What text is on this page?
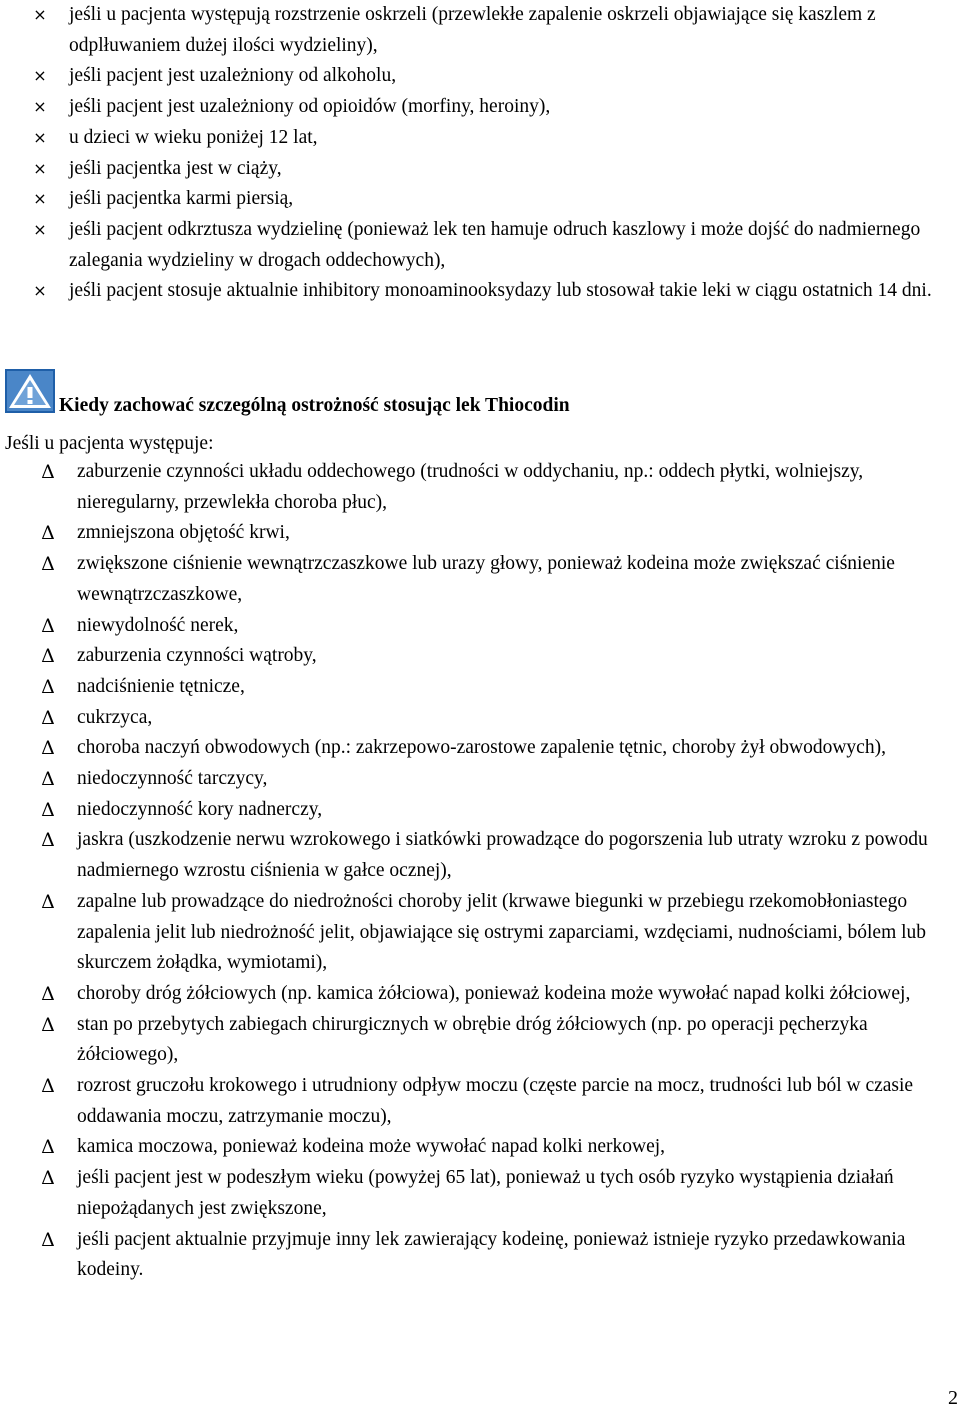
× jeśli u pacjenta występują rozstrzenie oskrzeli (przewlekłe zapalenie oskrzeli objawiające się kaszlem z odplłuwaniem dużej ilości wydzieliny),
× jeśli pacjent jest uzależniony od alkoholu,
× jeśli pacjent jest uzależniony od opioidów (morfiny, heroiny),
× u dzieci w wieku poniżej 12 lat,
× jeśli pacjentka jest w ciąży,
× jeśli pacjentka karmi piersią,
× jeśli pacjent odkrztusza wydzielinę (ponieważ lek ten hamuje odruch kaszlowy i może dojść do nadmiernego zalegania wydzieliny w drogach oddechowych),
× jeśli pacjent stosuje aktualnie inhibitory monoaminooksydazy lub stosował takie leki w ciągu ostatnich 14 dni.
Kiedy zachować szczególną ostrożność stosując lek Thiocodin
Jeśli u pacjenta występuje:
Δ zaburzenie czynności układu oddechowego (trudności w oddychaniu, np.: oddech płytki, wolniejszy, nieregularny, przewlekła choroba płuc),
Δ zmniejszona objętość krwi,
Δ zwiększone ciśnienie wewnątrzczaszkowe lub urazy głowy, ponieważ kodeina może zwiększać ciśnienie wewnątrzczaszkowe,
Δ niewydolność nerek,
Δ zaburzenia czynności wątroby,
Δ nadciśnienie tętnicze,
Δ cukrzyca,
Δ choroba naczyń obwodowych (np.: zakrzepowo-zarostowe zapalenie tętnic, choroby żył obwodowych),
Δ niedoczynność tarczycy,
Δ niedoczynność kory nadnerczy,
Δ jaskra (uszkodzenie nerwu wzrokowego i siatkówki prowadzące do pogorszenia lub utraty wzroku z powodu nadmiernego wzrostu ciśnienia w gałce ocznej),
Δ zapalne lub prowadzące do niedrożności choroby jelit (krwawe biegunki w przebiegu rzekomobłoniastego zapalenia jelit lub niedrożność jelit, objawiające się ostrymi zaparciami, wzdęciami, nudnościami, bólem lub skurczem żołądka, wymiotami),
Δ choroby dróg żółciowych (np. kamica żółciowa), ponieważ kodeina może wywołać napad kolki żółciowej,
Δ stan po przebytych zabiegach chirurgicznych w obrębie dróg żółciowych (np. po operacji pęcherzyka żółciowego),
Δ rozrost gruczołu krokowego i utrudniony odpływ moczu (częste parcie na mocz, trudności lub ból w czasie oddawania moczu, zatrzymanie moczu),
Δ kamica moczowa, ponieważ kodeina może wywołać napad kolki nerkowej,
Δ jeśli pacjent jest w podeszłym wieku (powyżej 65 lat), ponieważ u tych osób ryzyko wystąpienia działań niepożądanych jest zwiększone,
Δ jeśli pacjent aktualnie przyjmuje inny lek zawierający kodeinę, ponieważ istnieje ryzyko przedawkowania kodeiny.
2
